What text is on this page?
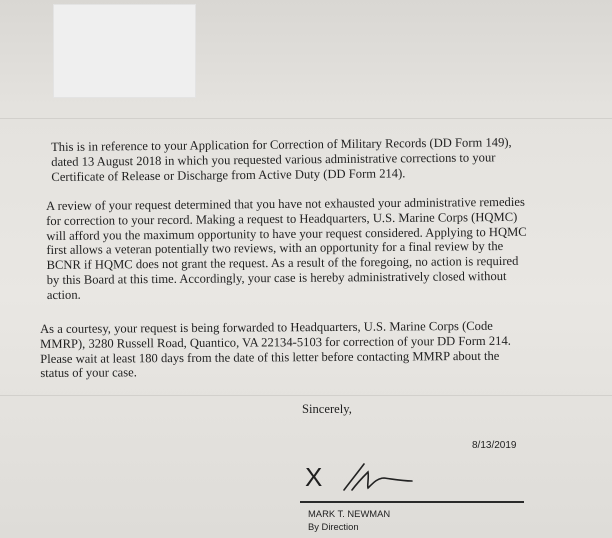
This is in reference to your Application for Correction of Military Records (DD Form 149),
dated 13 August 2018 in which you requested various administrative corrections to your
Certificate of Release or Discharge from Active Duty (DD Form 214).

A review of your request determined that you have not exhausted your administrative remedies
for correction to your record. Making a request to Headquarters, U.S. Marine Corps (HQMC)
will afford you the maximum opportunity to have your request considered. Applying to HQMC
first allows a veteran potentially two reviews, with an opportunity for a final review by the
BCNR if HQMC does not grant the request. As a result of the foregoing, no action is required
by this Board at this time. Accordingly, your case is hereby administratively closed without
action.

As a courtesy, your request is being forwarded to Headquarters, U.S. Marine Corps (Code
MMRP), 3280 Russell Road, Quantico, VA 22134-5103 for correction of your DD Form 214.
Please wait at least 180 days from the date of this letter before contacting MMRP about the
status of your case.

Sincerely,
8/13/2019
X
MARK T. NEWMAN
By Direction
